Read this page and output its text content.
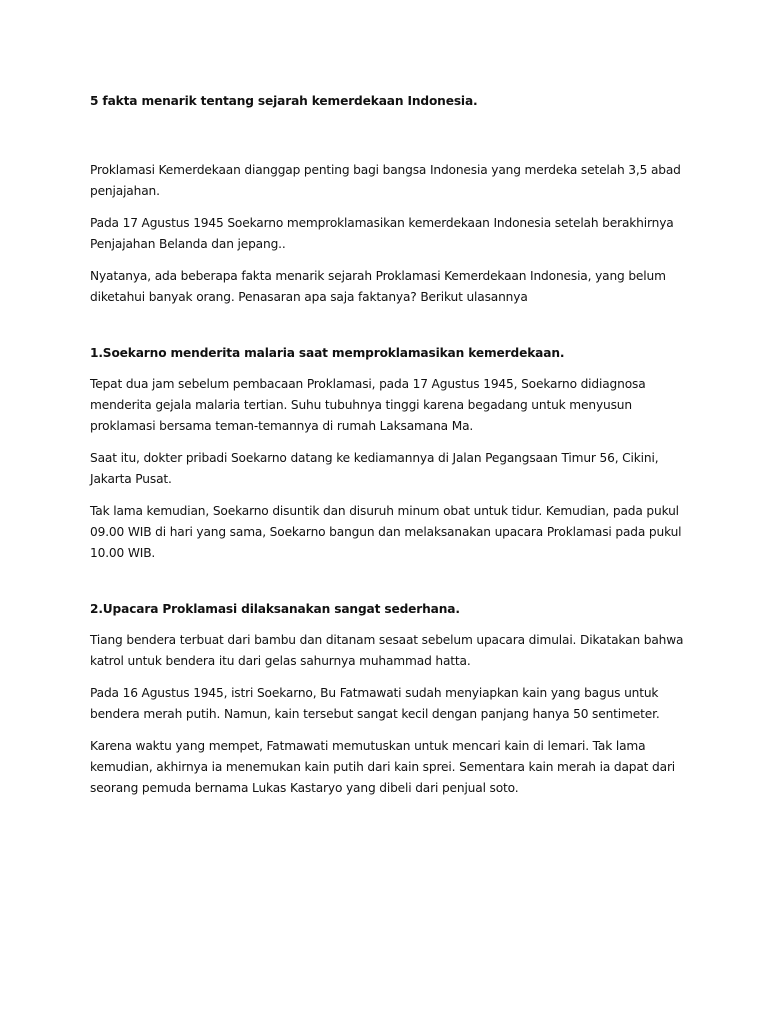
5 fakta menarik tentang sejarah kemerdekaan Indonesia.

Proklamasi Kemerdekaan dianggap penting bagi bangsa Indonesia yang merdeka setelah 3,5 abad penjajahan.

Pada 17 Agustus 1945 Soekarno memproklamasikan kemerdekaan Indonesia setelah berakhirnya Penjajahan Belanda dan jepang..

Nyatanya, ada beberapa fakta menarik sejarah Proklamasi Kemerdekaan Indonesia, yang belum diketahui banyak orang. Penasaran apa saja faktanya? Berikut ulasannya

1.Soekarno menderita malaria saat memproklamasikan kemerdekaan.

Tepat dua jam sebelum pembacaan Proklamasi, pada 17 Agustus 1945, Soekarno didiagnosa menderita gejala malaria tertian. Suhu tubuhnya tinggi karena begadang untuk menyusun proklamasi bersama teman-temannya di rumah Laksamana Ma.

Saat itu, dokter pribadi Soekarno datang ke kediamannya di Jalan Pegangsaan Timur 56, Cikini, Jakarta Pusat.

Tak lama kemudian, Soekarno disuntik dan disuruh minum obat untuk tidur. Kemudian, pada pukul 09.00 WIB di hari yang sama, Soekarno bangun dan melaksanakan upacara Proklamasi pada pukul 10.00 WIB.

2.Upacara Proklamasi dilaksanakan sangat sederhana.

Tiang bendera terbuat dari bambu dan ditanam sesaat sebelum upacara dimulai. Dikatakan bahwa katrol untuk bendera itu dari gelas sahurnya muhammad hatta.

Pada 16 Agustus 1945, istri Soekarno, Bu Fatmawati sudah menyiapkan kain yang bagus untuk bendera merah putih. Namun, kain tersebut sangat kecil dengan panjang hanya 50 sentimeter.

Karena waktu yang mempet, Fatmawati memutuskan untuk mencari kain di lemari. Tak lama kemudian, akhirnya ia menemukan kain putih dari kain sprei. Sementara kain merah ia dapat dari seorang pemuda bernama Lukas Kastaryo yang dibeli dari penjual soto.
